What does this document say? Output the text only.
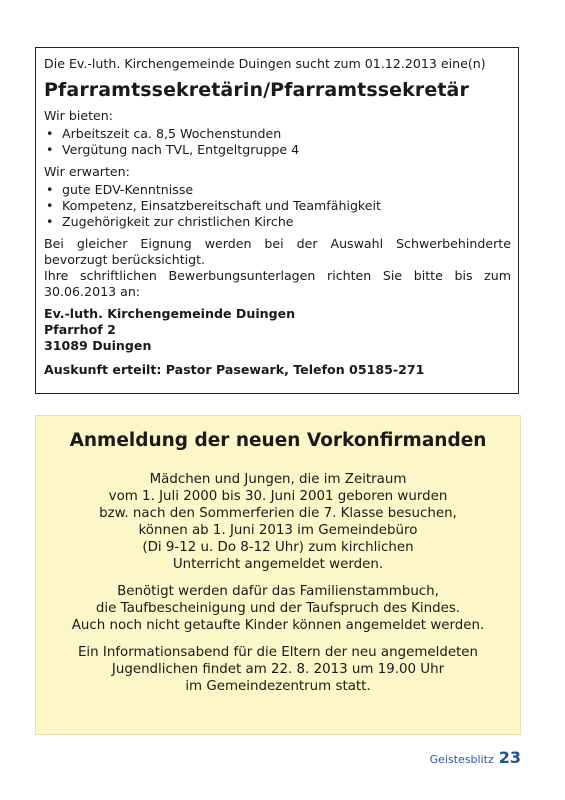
Die Ev.-luth. Kirchengemeinde Duingen sucht zum 01.12.2013 eine(n)

Pfarramtssekretärin/Pfarramtssekretär

Wir bieten:

• Arbeitszeit ca. 8,5 Wochenstunden
• Vergütung nach TVL, Entgeltgruppe 4

Wir erwarten:

• gute EDV-Kenntnisse
• Kompetenz, Einsatzbereitschaft und Teamfähigkeit
• Zugehörigkeit zur christlichen Kirche

Bei gleicher Eignung werden bei der Auswahl Schwerbehinderte bevorzugt berücksichtigt.

Ihre schriftlichen Bewerbungsunterlagen richten Sie bitte bis zum 30.06.2013 an:

Ev.-luth. Kirchengemeinde Duingen
Pfarrhof 2
31089 Duingen
Auskunft erteilt: Pastor Pasewark, Telefon 05185-271
Anmeldung der neuen Vorkonfirmanden

Mädchen und Jungen, die im Zeitraum
vom 1. Juli 2000 bis 30. Juni 2001 geboren wurden
bzw. nach den Sommerferien die 7. Klasse besuchen,
können ab 1. Juni 2013 im Gemeindebüro
(Di 9-12 u. Do 8-12 Uhr) zum kirchlichen
Unterricht angemeldet werden.

Benötigt werden dafür das Familienstammbuch,
die Taufbescheinigung und der Taufspruch des Kindes.
Auch noch nicht getaufte Kinder können angemeldet werden.

Ein Informationsabend für die Eltern der neu angemeldeten
Jugendlichen findet am 22. 8. 2013 um 19.00 Uhr
im Gemeindezentrum statt.

Geistesblitz 23
